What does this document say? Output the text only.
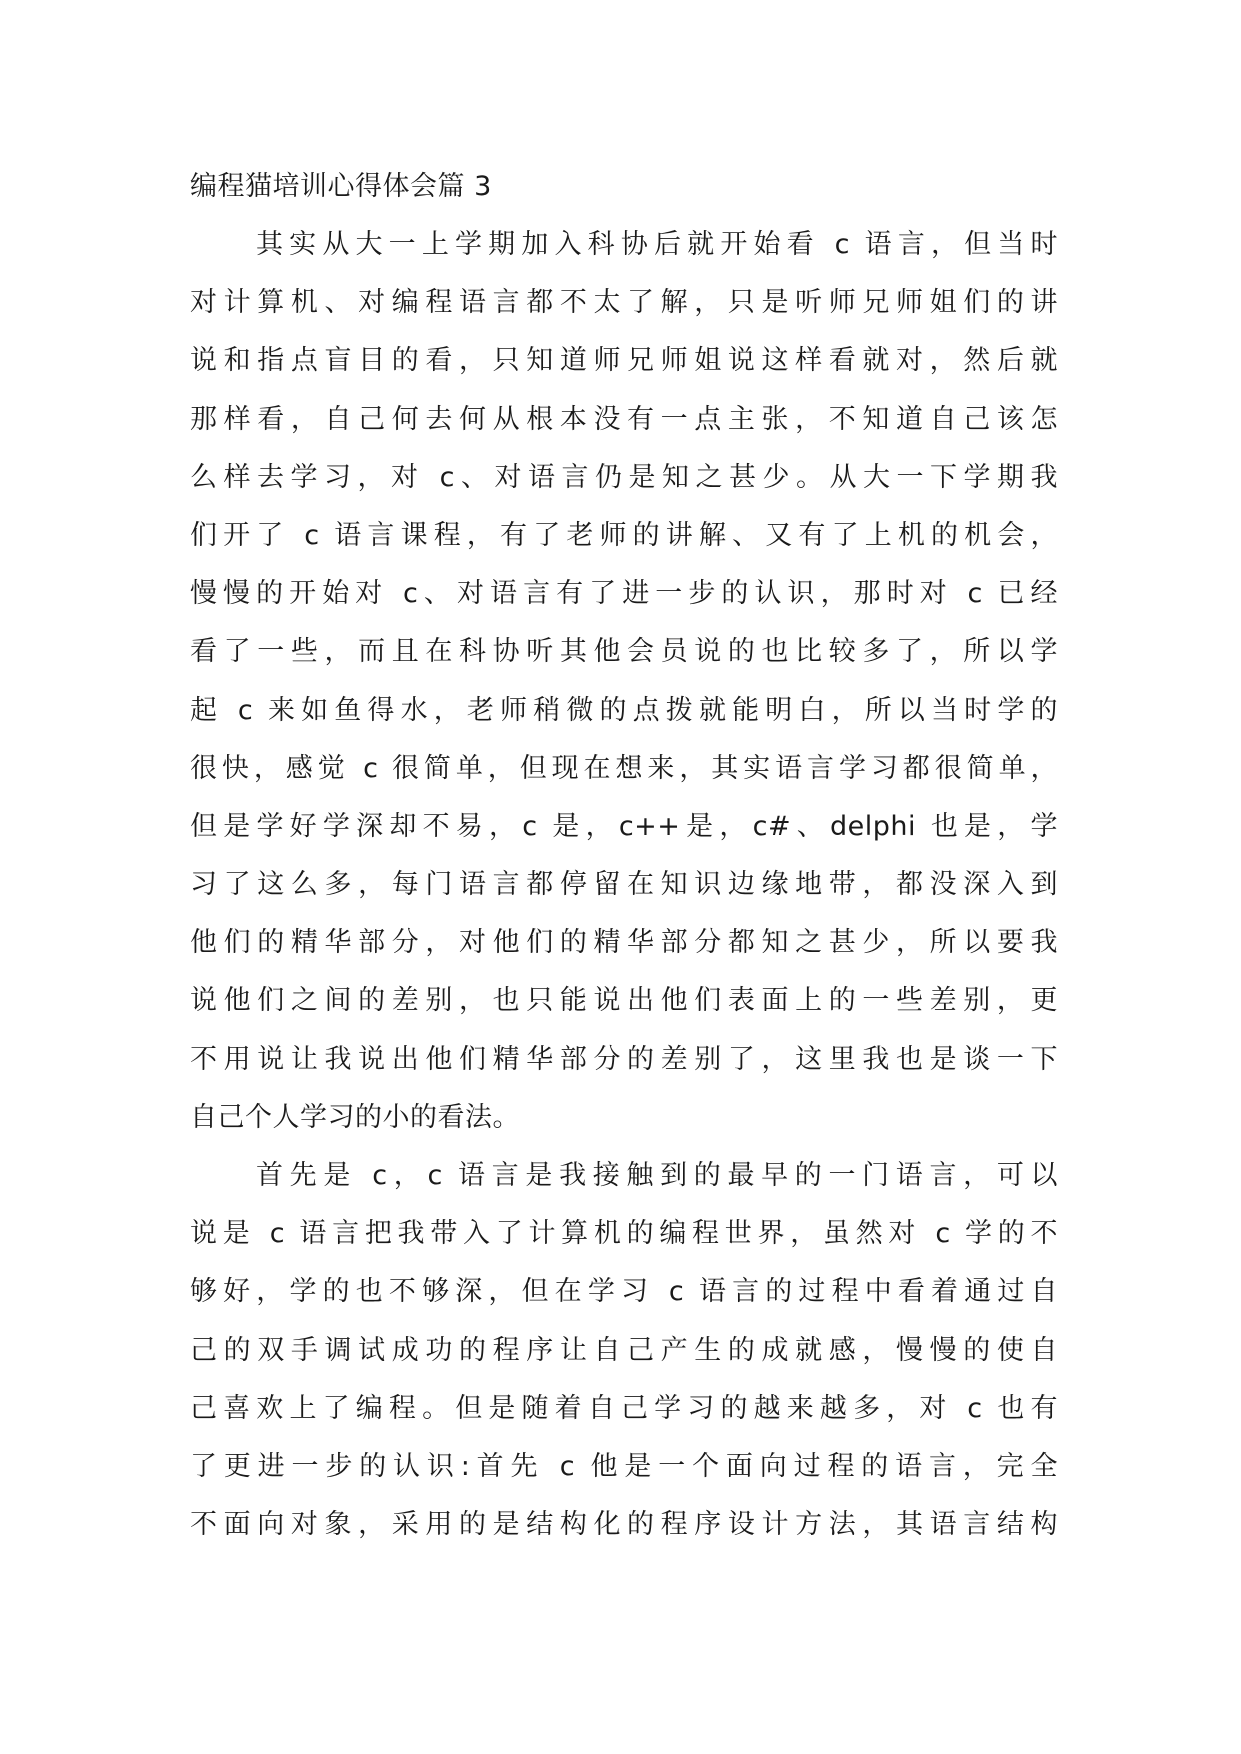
编程猫培训心得体会篇 3
其实从大一上学期加入科协后就开始看 c 语言，但当时
对计算机、对编程语言都不太了解，只是听师兄师姐们的讲
说和指点盲目的看，只知道师兄师姐说这样看就对，然后就
那样看，自己何去何从根本没有一点主张，不知道自己该怎
么样去学习，对 c、对语言仍是知之甚少。从大一下学期我
们开了 c 语言课程，有了老师的讲解、又有了上机的机会，
慢慢的开始对 c、对语言有了进一步的认识，那时对 c 已经
看了一些，而且在科协听其他会员说的也比较多了，所以学
起 c 来如鱼得水，老师稍微的点拨就能明白，所以当时学的
很快，感觉 c 很简单，但现在想来，其实语言学习都很简单，
但是学好学深却不易，c 是，c++是，c#、delphi 也是，学
习了这么多，每门语言都停留在知识边缘地带，都没深入到
他们的精华部分，对他们的精华部分都知之甚少，所以要我
说他们之间的差别，也只能说出他们表面上的一些差别，更
不用说让我说出他们精华部分的差别了，这里我也是谈一下
自己个人学习的小的看法。
首先是 c，c 语言是我接触到的最早的一门语言，可以
说是 c 语言把我带入了计算机的编程世界，虽然对 c 学的不
够好，学的也不够深，但在学习 c 语言的过程中看着通过自
己的双手调试成功的程序让自己产生的成就感，慢慢的使自
己喜欢上了编程。但是随着自己学习的越来越多，对 c 也有
了更进一步的认识:首先 c 他是一个面向过程的语言，完全
不面向对象，采用的是结构化的程序设计方法，其语言结构
